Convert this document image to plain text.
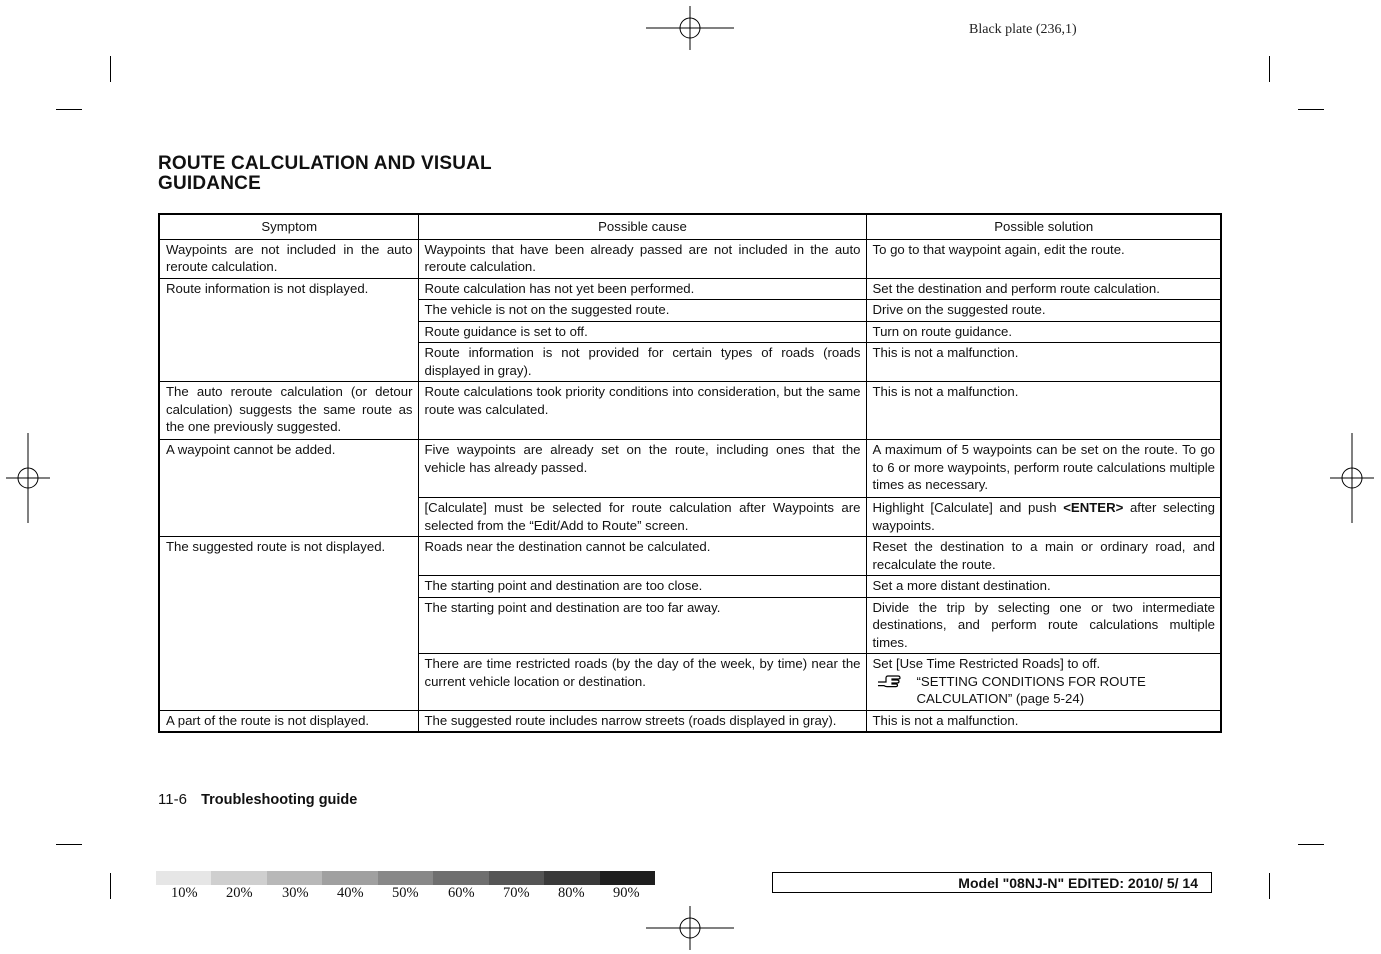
Black plate (236,1)
ROUTE CALCULATION AND VISUAL
GUIDANCE
Symptom	Possible cause	Possible solution
Waypoints are not included in the auto reroute calculation.	Waypoints that have been already passed are not included in the auto reroute calculation.	To go to that waypoint again, edit the route.
Route information is not displayed.	Route calculation has not yet been performed.	Set the destination and perform route calculation.
	The vehicle is not on the suggested route.	Drive on the suggested route.
	Route guidance is set to off.	Turn on route guidance.
	Route information is not provided for certain types of roads (roads displayed in gray).	This is not a malfunction.
The auto reroute calculation (or detour calculation) suggests the same route as the one previously suggested.	Route calculations took priority conditions into consideration, but the same route was calculated.	This is not a malfunction.
A waypoint cannot be added.	Five waypoints are already set on the route, including ones that the vehicle has already passed.	A maximum of 5 waypoints can be set on the route. To go to 6 or more waypoints, perform route calculations multiple times as necessary.
	[Calculate] must be selected for route calculation after Waypoints are selected from the “Edit/Add to Route” screen.	Highlight [Calculate] and push <ENTER> after selecting waypoints.
The suggested route is not displayed.	Roads near the destination cannot be calculated.	Reset the destination to a main or ordinary road, and recalculate the route.
	The starting point and destination are too close.	Set a more distant destination.
	The starting point and destination are too far away.	Divide the trip by selecting one or two intermediate destinations, and perform route calculations multiple times.
	There are time restricted roads (by the day of the week, by time) near the current vehicle location or destination.	Set [Use Time Restricted Roads] to off.
“SETTING CONDITIONS FOR ROUTE CALCULATION” (page 5-24)

A part of the route is not displayed.	The suggested route includes narrow streets (roads displayed in gray).	This is not a malfunction.
11-6 Troubleshooting guide
10% 20% 30% 40% 50% 60% 70% 80% 90%
Model "08NJ-N" EDITED: 2010/ 5/ 14
